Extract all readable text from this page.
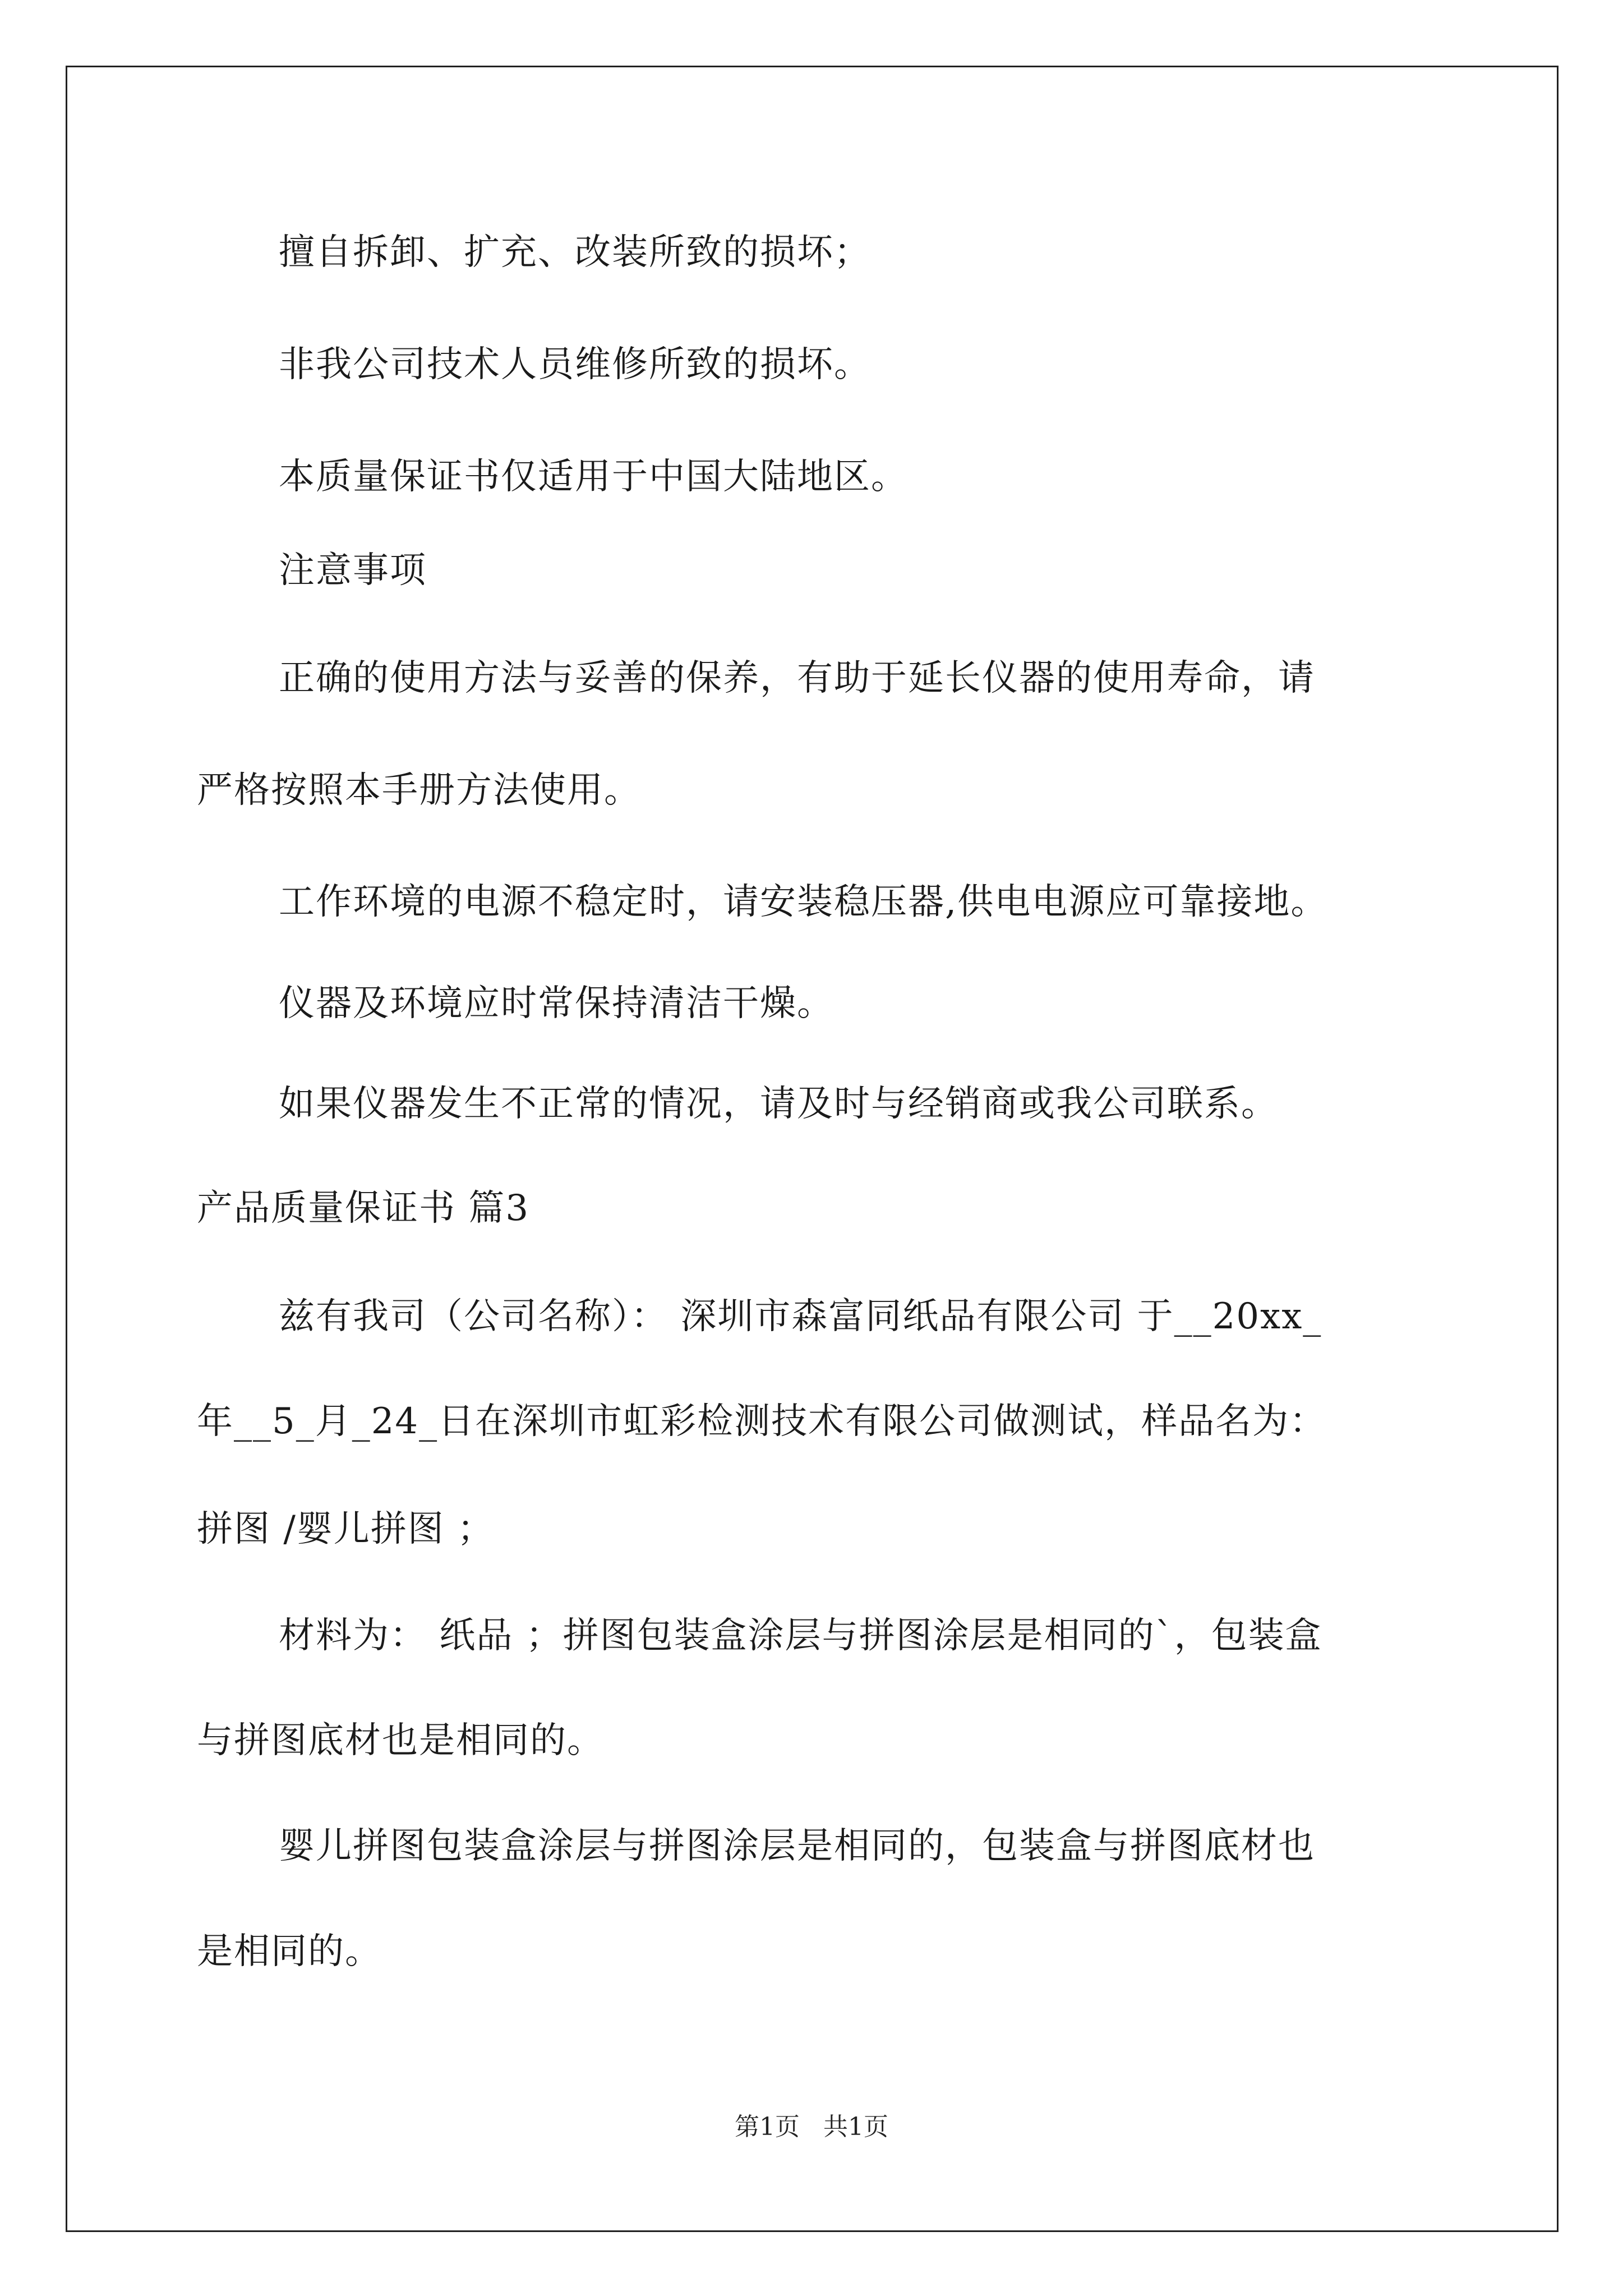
擅自拆卸、扩充、改装所致的损坏；
非我公司技术人员维修所致的损坏。
本质量保证书仅适用于中国大陆地区。
注意事项
正确的使用方法与妥善的保养，有助于延长仪器的使用寿命，请
严格按照本手册方法使用。
工作环境的电源不稳定时，请安装稳压器,供电电源应可靠接地。
仪器及环境应时常保持清洁干燥。
如果仪器发生不正常的情况，请及时与经销商或我公司联系。
产品质量保证书 篇3
兹有我司（公司名称）： 深圳市森富同纸品有限公司 于__20xx_
年__5_月_24_日在深圳市虹彩检测技术有限公司做测试，样品名为：
拼图 /婴儿拼图 ；
材料为： 纸品 ；拼图包装盒涂层与拼图涂层是相同的`，包装盒
与拼图底材也是相同的。
婴儿拼图包装盒涂层与拼图涂层是相同的，包装盒与拼图底材也
是相同的。
第1页   共1页
